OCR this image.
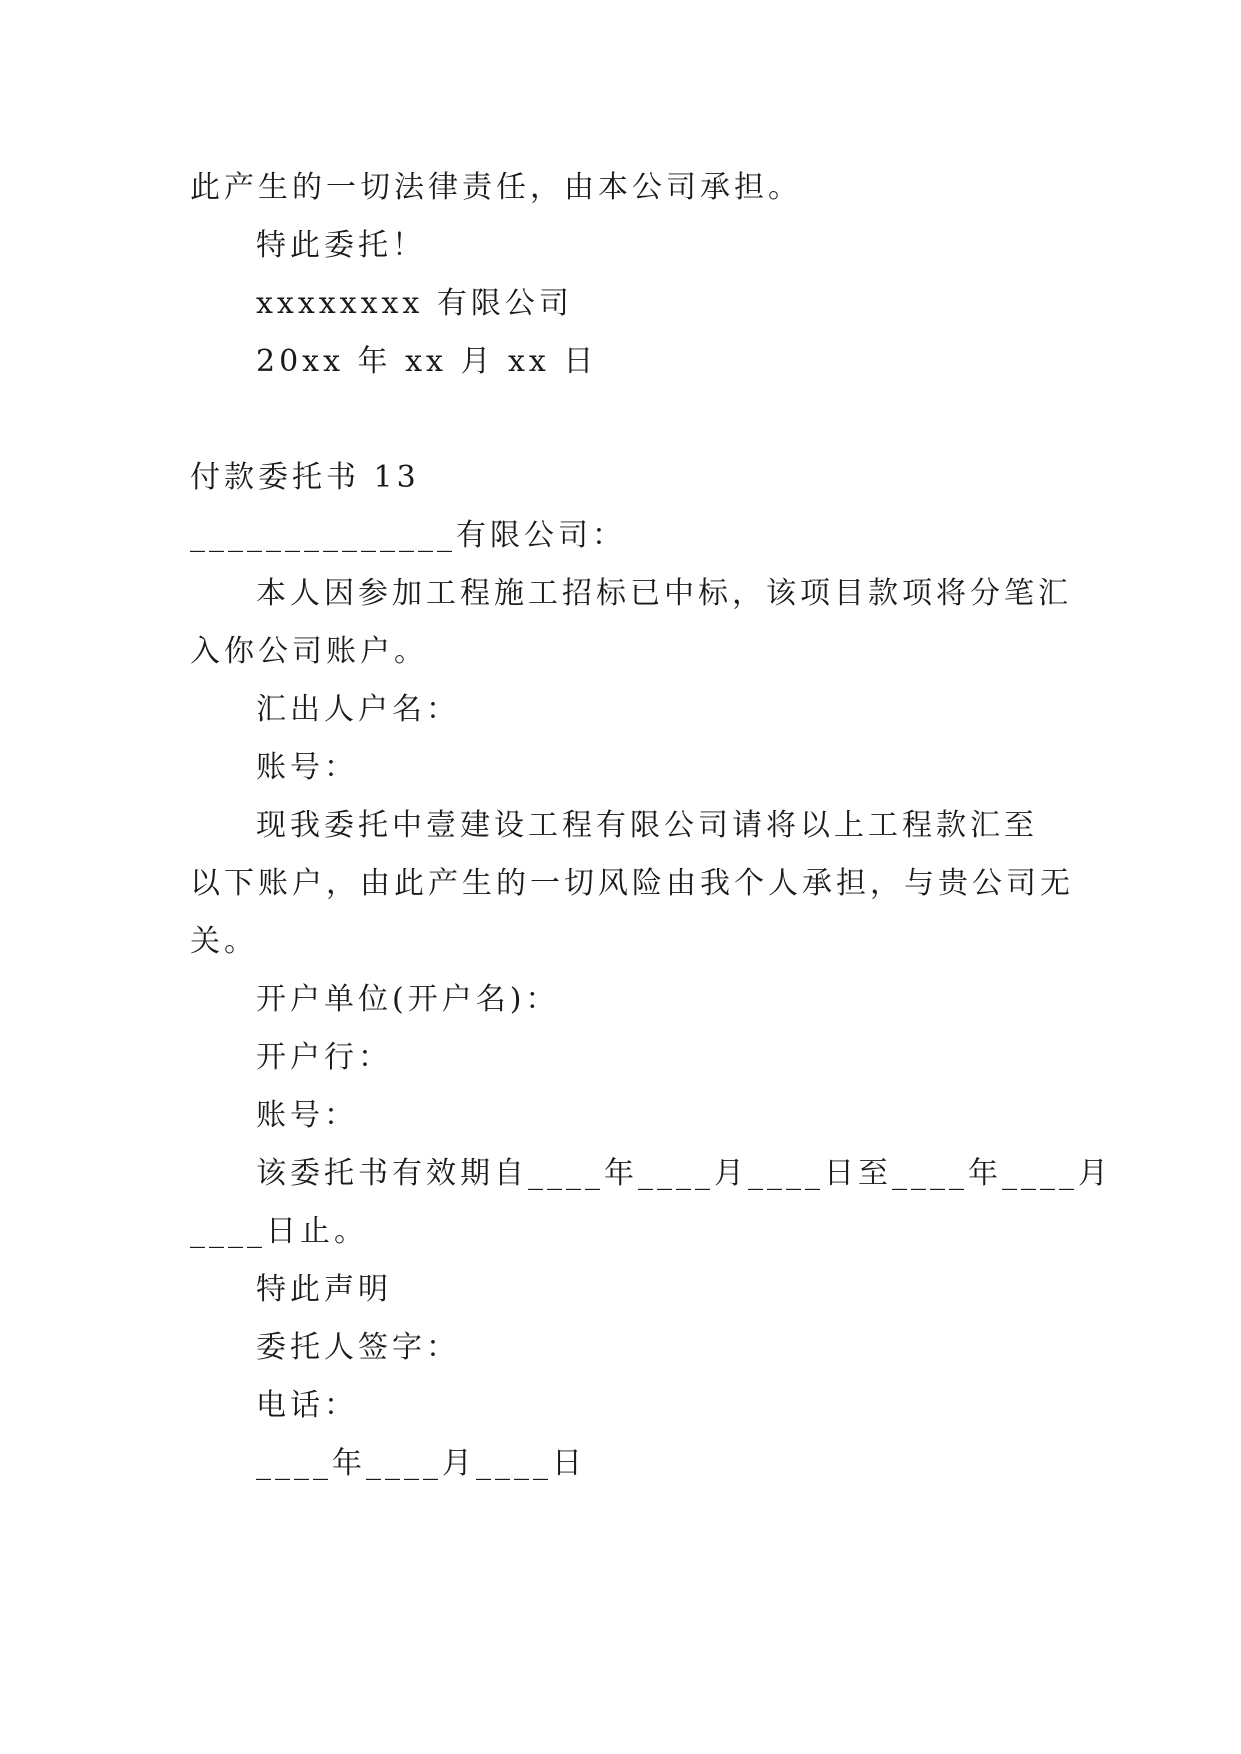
此产生的一切法律责任，由本公司承担。
特此委托！
xxxxxxxx 有限公司
20xx 年 xx 月 xx 日
付款委托书 13
______________有限公司：
本人因参加工程施工招标已中标，该项目款项将分笔汇
入你公司账户。
汇出人户名：
账号：
现我委托中壹建设工程有限公司请将以上工程款汇至
以下账户，由此产生的一切风险由我个人承担，与贵公司无
关。
开户单位(开户名)：
开户行：
账号：
该委托书有效期自____年____月____日至____年____月
____日止。
特此声明
委托人签字：
电话：
____年____月____日
